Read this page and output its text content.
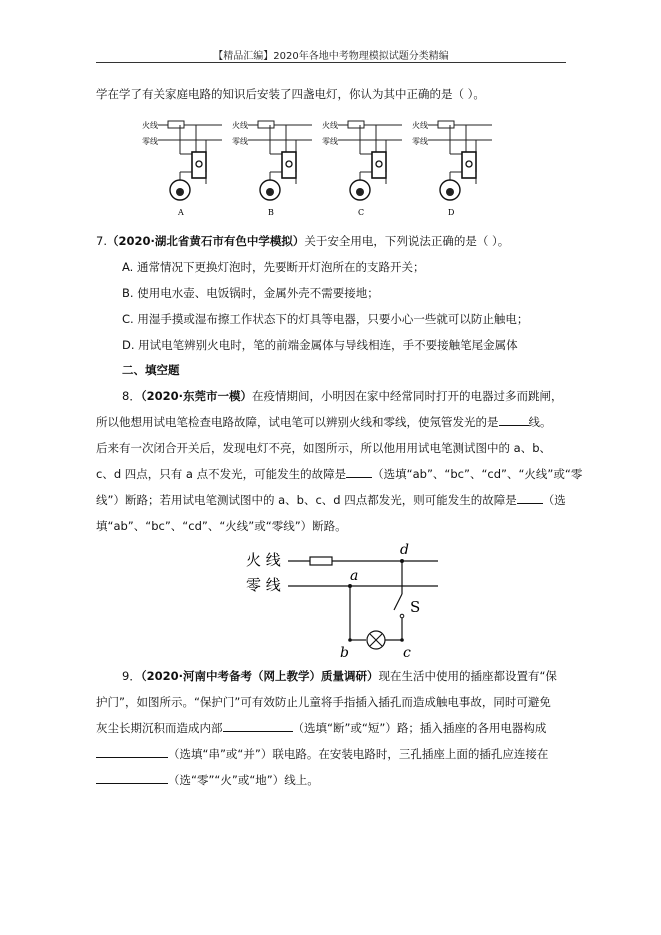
【精品汇编】2020年各地中考物理模拟试题分类精编
学在学了有关家庭电路的知识后安装了四盏电灯，你认为其中正确的是（ ）。
火线
零线
A
火线
零线
B
火线
零线
C
火线
零线
D
7.（2020·湖北省黄石市有色中学模拟）关于安全用电，下列说法正确的是（ ）。
A. 通常情况下更换灯泡时，先要断开灯泡所在的支路开关；
B. 使用电水壶、电饭锅时，金属外壳不需要接地；
C. 用湿手摸或湿布擦工作状态下的灯具等电器，只要小心一些就可以防止触电；
D. 用试电笔辨别火电时，笔的前端金属体与导线相连，手不要接触笔尾金属体
二、填空题
8．（2020·东莞市一模）在疫情期间，小明因在家中经常同时打开的电器过多而跳闸，
所以他想用试电笔检查电路故障，试电笔可以辨别火线和零线，使氖管发光的是	线。
后来有一次闭合开关后，发现电灯不亮，如图所示，所以他用用试电笔测试图中的 a、b、
c、d 四点，只有 a 点不发光，可能发生的故障是 （选填“ab”、“bc”、“cd”、“火线”或“零
线”）断路；若用试电笔测试图中的 a、b、c、d 四点都发光，则可能发生的故障是 （选
填“ab”、“bc”、“cd”、“火线”或“零线”）断路。
火 线
零 线
d
a
S
b	c
9．（2020·河南中考备考（网上教学）质量调研）现在生活中使用的插座都设置有“保
护门”，如图所示。“保护门”可有效防止儿童将手指插入插孔而造成触电事故，同时可避免
灰尘长期沉积而造成内部	（选填“断”或“短”）路；插入插座的各用电器构成
（选填“串”或“并”）联电路。在安装电路时，三孔插座上面的插孔应连接在
（选“零”“火”或“地”）线上。
